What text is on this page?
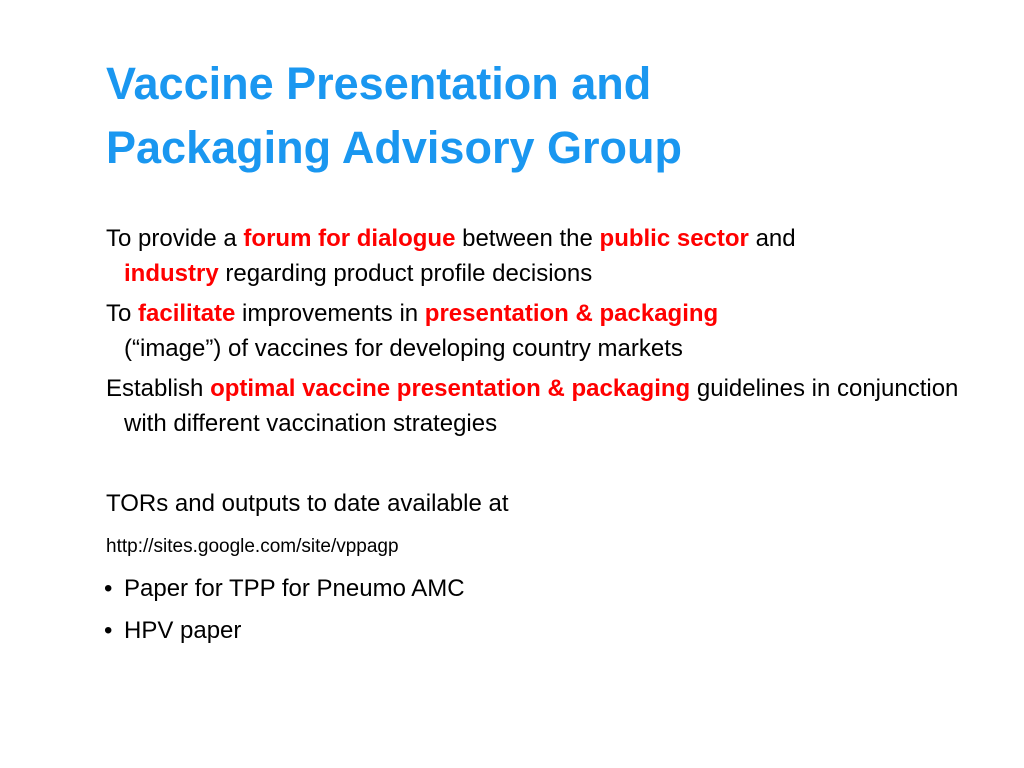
Vaccine Presentation and
Packaging Advisory Group

To provide a forum for dialogue between the public sector and
industry regarding product profile decisions

To facilitate improvements in presentation & packaging
(“image”) of vaccines for developing country markets

Establish optimal vaccine presentation & packaging guidelines in conjunction with different vaccination strategies

TORs and outputs to date available at

http://sites.google.com/site/vppagp

• Paper for TPP for Pneumo AMC
• HPV paper
